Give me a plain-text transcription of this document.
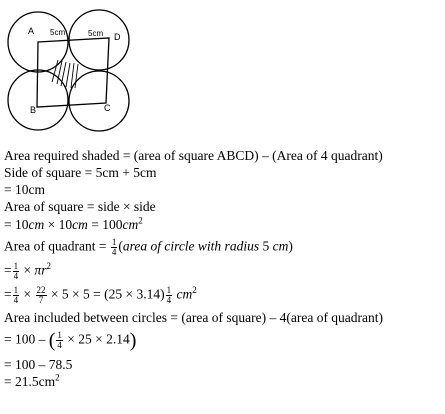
A
D
B	C
5cm	5cm
Area required shaded = (area of square ABCD) – (Area of 4 quadrant)
Side of square = 5cm + 5cm
= 10cm
Area of square = side × side
= $10cm \times 10cm = 100cm^2$
Area of quadrant = $\frac{1}{4}$ (area of circle with radius 5 cm)
= $\frac{1}{4} \times \pi r^2$
= $\frac{1}{4} \times \frac{22}{7} \times 5 \times 5 = (25 \times 3.14) \frac{1}{4} cm^2$
Area included between circles = (area of square) – 4(area of quadrant)
= 100 – ( $\frac{1}{4} \times 25 \times 2.14$)
= 100 – 78.5
= $21.5cm^2$
